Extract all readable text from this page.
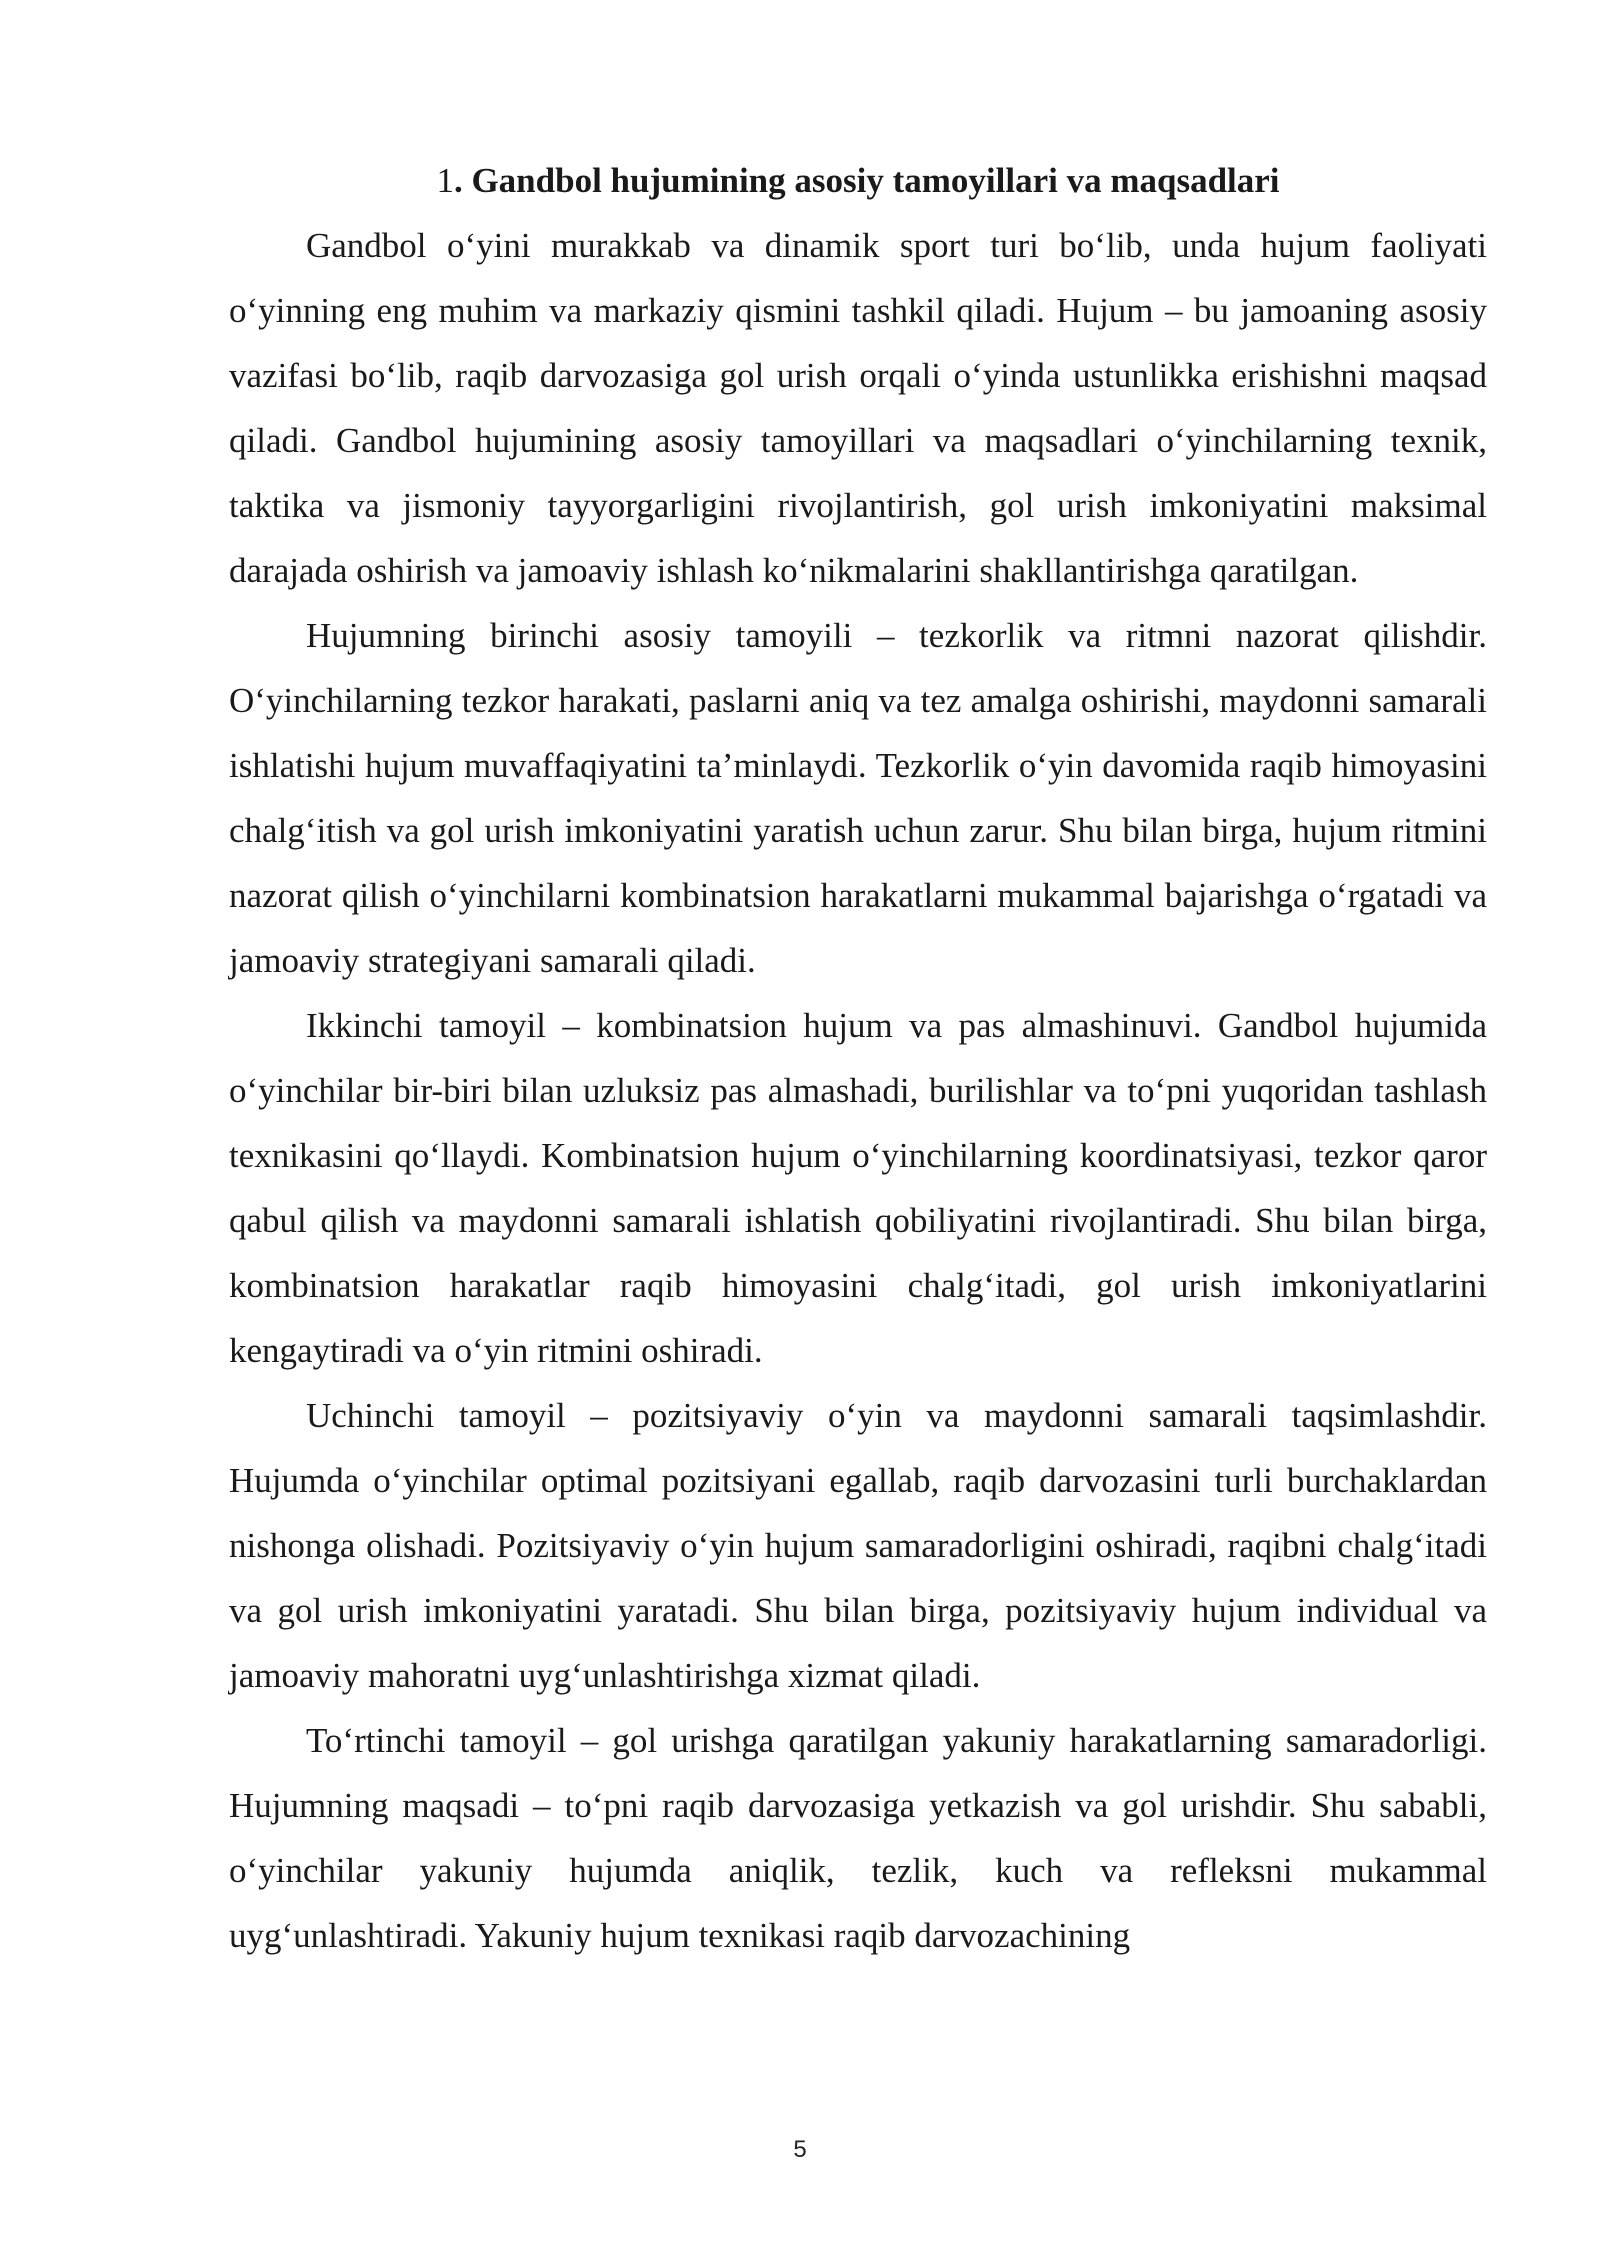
1. Gandbol hujumining asosiy tamoyillari va maqsadlari

Gandbol o‘yini murakkab va dinamik sport turi bo‘lib, unda hujum faoliyati o‘yinning eng muhim va markaziy qismini tashkil qiladi. Hujum – bu jamoaning asosiy vazifasi bo‘lib, raqib darvozasiga gol urish orqali o‘yinda ustunlikka erishishni maqsad qiladi. Gandbol hujumining asosiy tamoyillari va maqsadlari o‘yinchilarning texnik, taktika va jismoniy tayyorgarligini rivojlantirish, gol urish imkoniyatini maksimal darajada oshirish va jamoaviy ishlash ko‘nikmalarini shakllantirishga qaratilgan.

Hujumning birinchi asosiy tamoyili – tezkorlik va ritmni nazorat qilishdir. O‘yinchilarning tezkor harakati, paslarni aniq va tez amalga oshirishi, maydonni samarali ishlatishi hujum muvaffaqiyatini ta’minlaydi. Tezkorlik o‘yin davomida raqib himoyasini chalg‘itish va gol urish imkoniyatini yaratish uchun zarur. Shu bilan birga, hujum ritmini nazorat qilish o‘yinchilarni kombinatsion harakatlarni mukammal bajarishga o‘rgatadi va jamoaviy strategiyani samarali qiladi.

Ikkinchi tamoyil – kombinatsion hujum va pas almashinuvi. Gandbol hujumida o‘yinchilar bir-biri bilan uzluksiz pas almashadi, burilishlar va to‘pni yuqoridan tashlash texnikasini qo‘llaydi. Kombinatsion hujum o‘yinchilarning koordinatsiyasi, tezkor qaror qabul qilish va maydonni samarali ishlatish qobiliyatini rivojlantiradi. Shu bilan birga, kombinatsion harakatlar raqib himoyasini chalg‘itadi, gol urish imkoniyatlarini kengaytiradi va o‘yin ritmini oshiradi.

Uchinchi tamoyil – pozitsiyaviy o‘yin va maydonni samarali taqsimlashdir. Hujumda o‘yinchilar optimal pozitsiyani egallab, raqib darvozasini turli burchaklardan nishonga olishadi. Pozitsiyaviy o‘yin hujum samaradorligini oshiradi, raqibni chalg‘itadi va gol urish imkoniyatini yaratadi. Shu bilan birga, pozitsiyaviy hujum individual va jamoaviy mahoratni uyg‘unlashtirishga xizmat qiladi.

To‘rtinchi tamoyil – gol urishga qaratilgan yakuniy harakatlarning samaradorligi. Hujumning maqsadi – to‘pni raqib darvozasiga yetkazish va gol urishdir. Shu sababli, o‘yinchilar yakuniy hujumda aniqlik, tezlik, kuch va refleksni mukammal uyg‘unlashtiradi. Yakuniy hujum texnikasi raqib darvozachining

5
